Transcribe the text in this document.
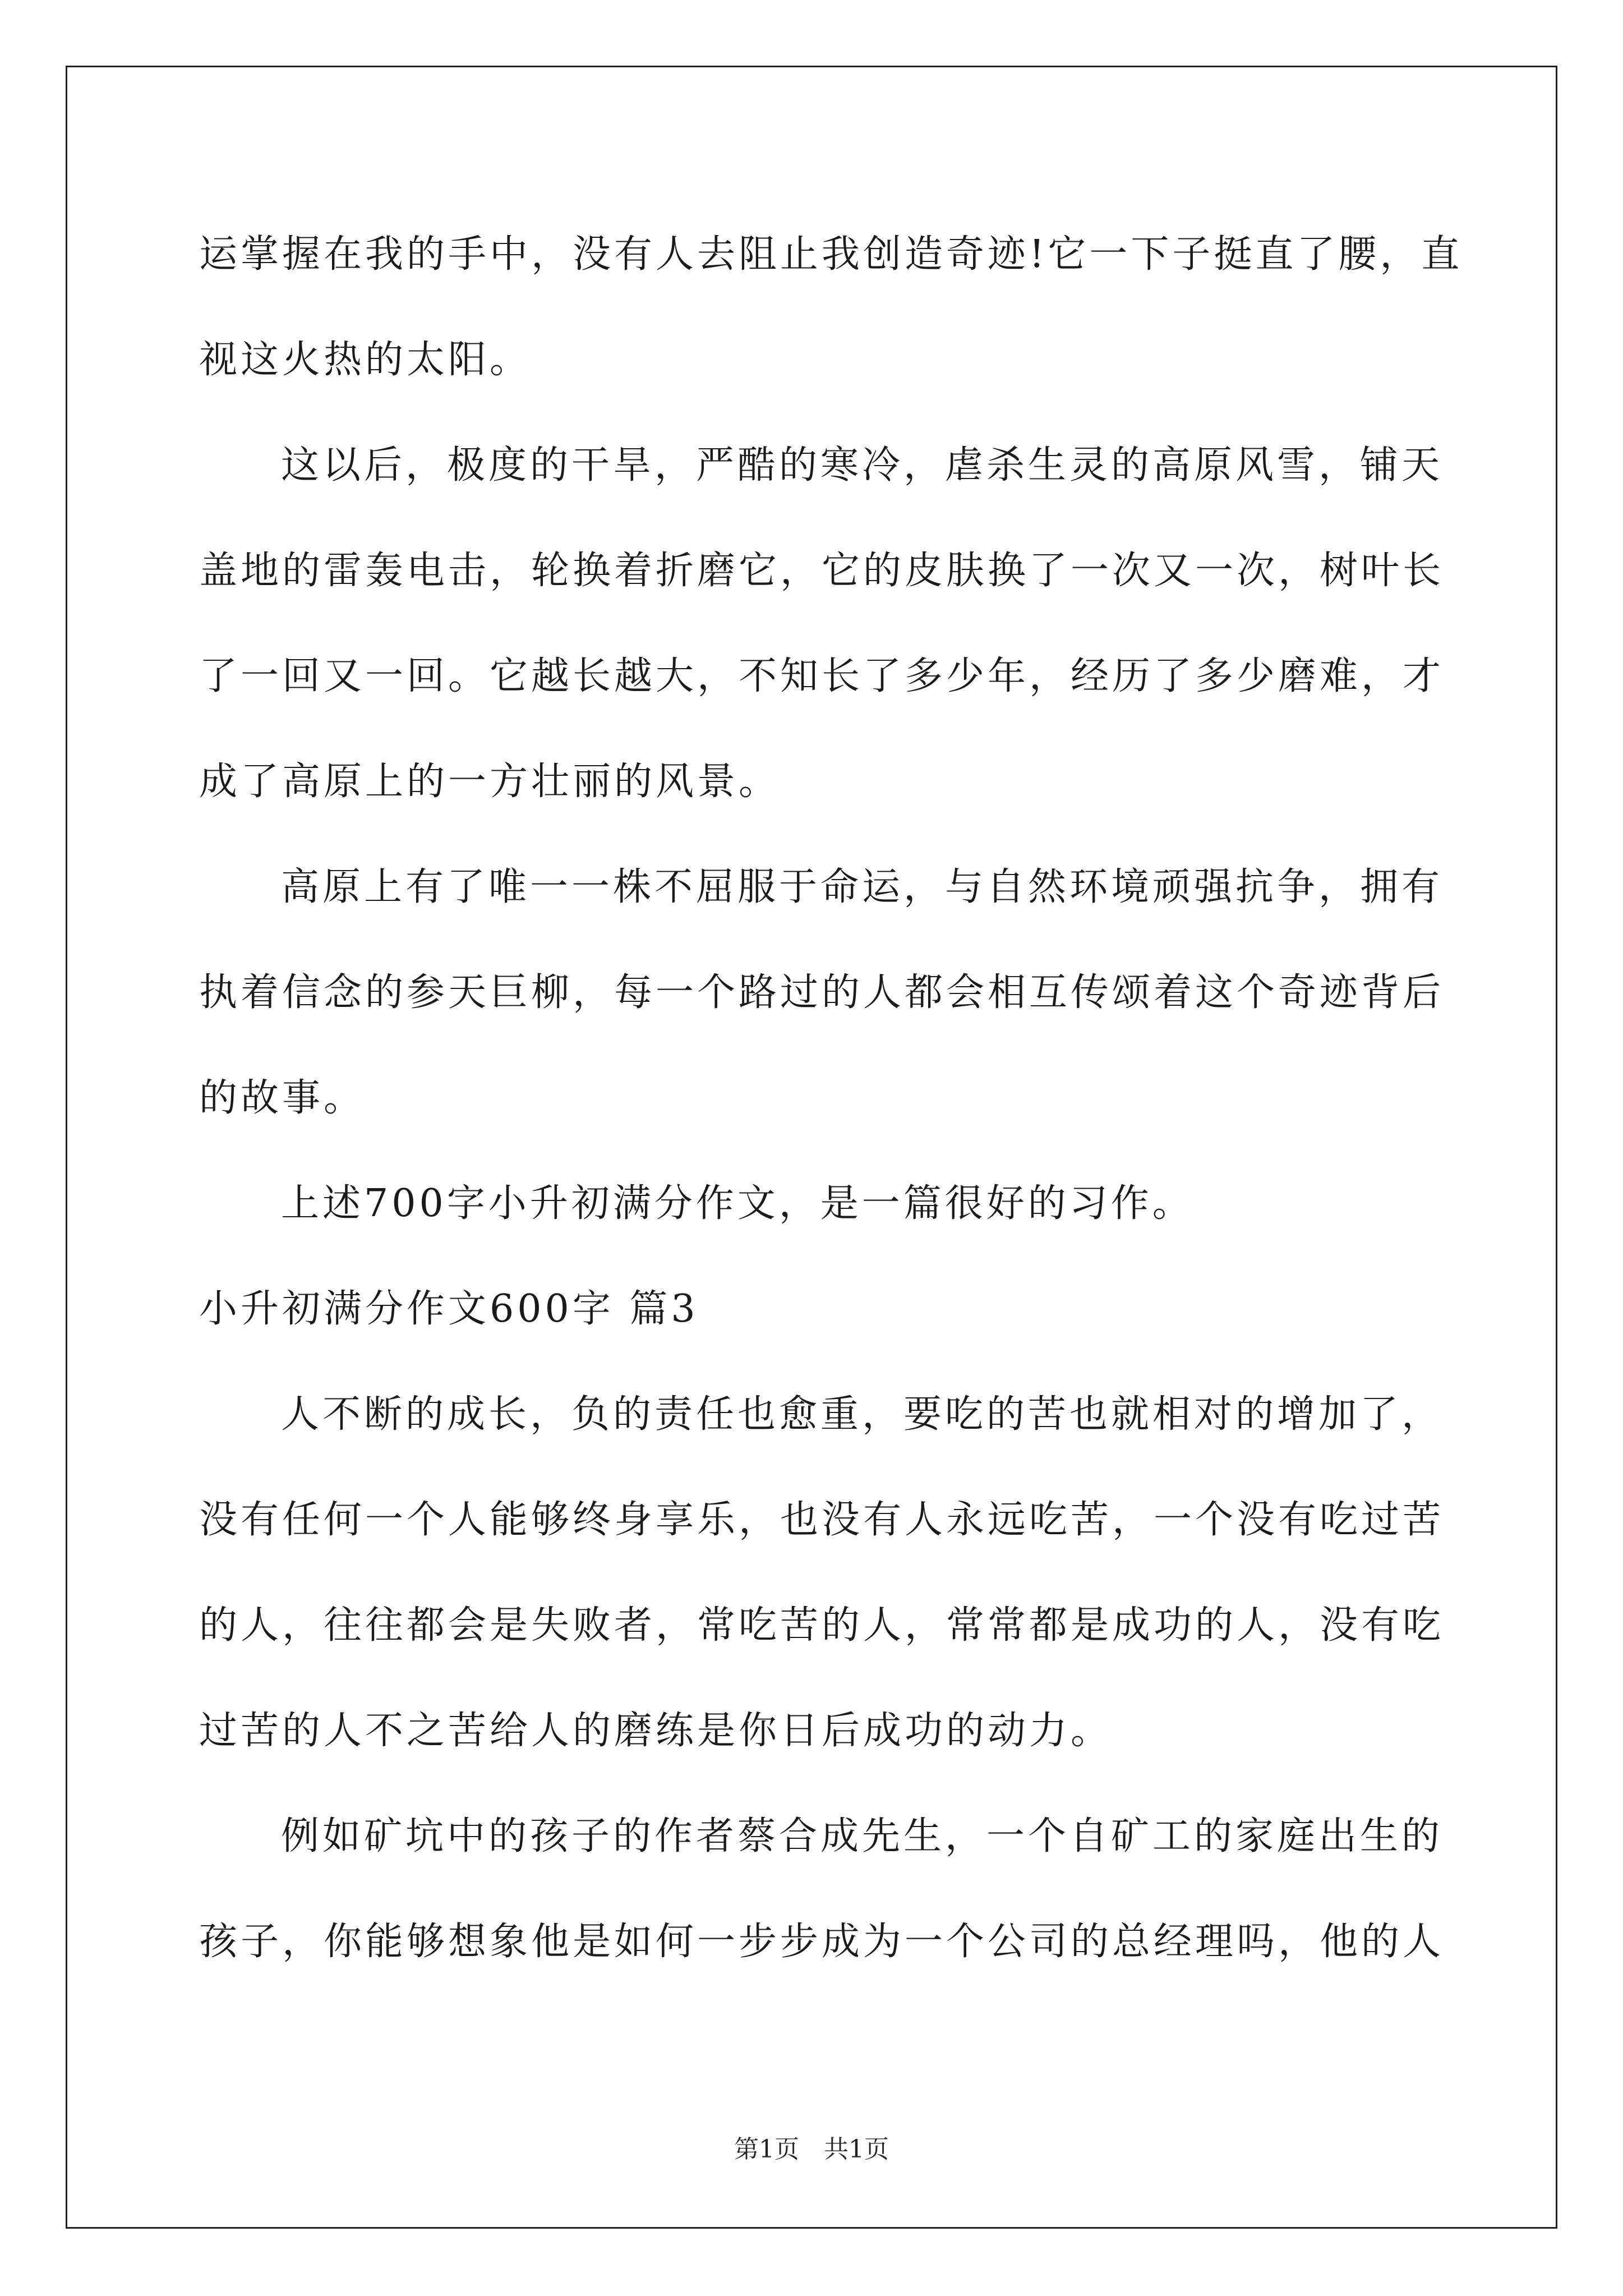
运掌握在我的手中，没有人去阻止我创造奇迹!它一下子挺直了腰，直
视这火热的太阳。
这以后，极度的干旱，严酷的寒冷，虐杀生灵的高原风雪，铺天
盖地的雷轰电击，轮换着折磨它，它的皮肤换了一次又一次，树叶长
了一回又一回。它越长越大，不知长了多少年，经历了多少磨难，才
成了高原上的一方壮丽的风景。
高原上有了唯一一株不屈服于命运，与自然环境顽强抗争，拥有
执着信念的参天巨柳，每一个路过的人都会相互传颂着这个奇迹背后
的故事。
上述700字小升初满分作文，是一篇很好的习作。
小升初满分作文600字 篇3
人不断的成长，负的责任也愈重，要吃的苦也就相对的增加了，
没有任何一个人能够终身享乐，也没有人永远吃苦，一个没有吃过苦
的人，往往都会是失败者，常吃苦的人，常常都是成功的人，没有吃
过苦的人不之苦给人的磨练是你日后成功的动力。
例如矿坑中的孩子的作者蔡合成先生，一个自矿工的家庭出生的
孩子，你能够想象他是如何一步步成为一个公司的总经理吗，他的人
第1页　共1页
